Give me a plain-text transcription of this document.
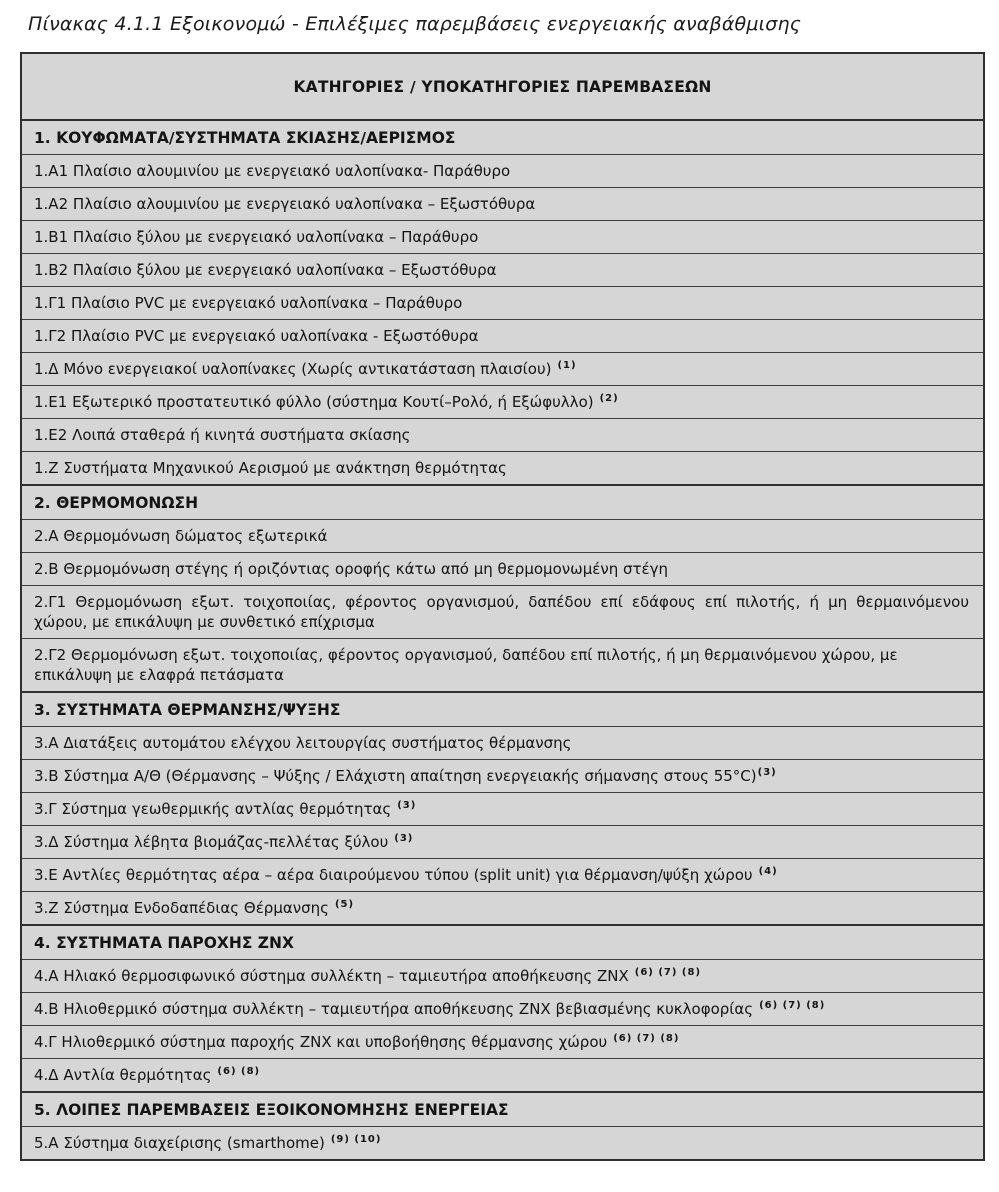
Πίνακας 4.1.1 Εξοικονομώ - Επιλέξιμες παρεμβάσεις ενεργειακής αναβάθμισης
ΚΑΤΗΓΟΡΙΕΣ / ΥΠΟΚΑΤΗΓΟΡΙΕΣ ΠΑΡΕΜΒΑΣΕΩΝ
1. ΚΟΥΦΩΜΑΤΑ/ΣΥΣΤΗΜΑΤΑ ΣΚΙΑΣΗΣ/ΑΕΡΙΣΜΟΣ
1.Α1 Πλαίσιο αλουμινίου με ενεργειακό υαλοπίνακα- Παράθυρο
1.Α2 Πλαίσιο αλουμινίου με ενεργειακό υαλοπίνακα – Εξωστόθυρα
1.Β1 Πλαίσιο ξύλου με ενεργειακό υαλοπίνακα – Παράθυρο
1.Β2 Πλαίσιο ξύλου με ενεργειακό υαλοπίνακα – Εξωστόθυρα
1.Γ1 Πλαίσιο PVC με ενεργειακό υαλοπίνακα – Παράθυρο
1.Γ2 Πλαίσιο PVC με ενεργειακό υαλοπίνακα - Εξωστόθυρα
1.Δ Μόνο ενεργειακοί υαλοπίνακες (Χωρίς αντικατάσταση πλαισίου) $^{(1)}$
1.Ε1 Εξωτερικό προστατευτικό φύλλο (σύστημα Κουτί–Ρολό, ή Εξώφυλλο) $^{(2)}$
1.Ε2 Λοιπά σταθερά ή κινητά συστήματα σκίασης
1.Ζ Συστήματα Μηχανικού Αερισμού με ανάκτηση θερμότητας
2. ΘΕΡΜΟΜΟΝΩΣΗ
2.Α Θερμομόνωση δώματος εξωτερικά
2.Β Θερμομόνωση στέγης ή οριζόντιας οροφής κάτω από μη θερμομονωμένη στέγη
2.Γ1 Θερμομόνωση εξωτ. τοιχοποιίας, φέροντος οργανισμού, δαπέδου επί εδάφους επί πιλοτής, ή μη θερμαινόμενου χώρου, με επικάλυψη με συνθετικό επίχρισμα
2.Γ2 Θερμομόνωση εξωτ. τοιχοποιίας, φέροντος οργανισμού, δαπέδου επί πιλοτής, ή μη θερμαινόμενου χώρου, με επικάλυψη με ελαφρά πετάσματα
3. ΣΥΣΤΗΜΑΤΑ ΘΕΡΜΑΝΣΗΣ/ΨΥΞΗΣ
3.Α Διατάξεις αυτομάτου ελέγχου λειτουργίας συστήματος θέρμανσης
3.Β Σύστημα Α/Θ (Θέρμανσης – Ψύξης / Ελάχιστη απαίτηση ενεργειακής σήμανσης στους 55°C)$^{(3)}$
3.Γ Σύστημα γεωθερμικής αντλίας θερμότητας $^{(3)}$
3.Δ Σύστημα λέβητα βιομάζας-πελλέτας ξύλου $^{(3)}$
3.Ε Αντλίες θερμότητας αέρα – αέρα διαιρούμενου τύπου (split unit) για θέρμανση/ψύξη χώρου $^{(4)}$
3.Ζ Σύστημα Ενδοδαπέδιας Θέρμανσης $^{(5)}$
4. ΣΥΣΤΗΜΑΤΑ ΠΑΡΟΧΗΣ ΖΝΧ
4.Α Ηλιακό θερμοσιφωνικό σύστημα συλλέκτη – ταμιευτήρα αποθήκευσης ΖΝΧ $^{(6) (7) (8)}$
4.Β Ηλιοθερμικό σύστημα συλλέκτη – ταμιευτήρα αποθήκευσης ΖΝΧ βεβιασμένης κυκλοφορίας $^{(6) (7) (8)}$
4.Γ Ηλιοθερμικό σύστημα παροχής ΖΝΧ και υποβοήθησης θέρμανσης χώρου $^{(6) (7) (8)}$
4.Δ Αντλία θερμότητας $^{(6) (8)}$
5. ΛΟΙΠΕΣ ΠΑΡΕΜΒΑΣΕΙΣ ΕΞΟΙΚΟΝΟΜΗΣΗΣ ΕΝΕΡΓΕΙΑΣ
5.Α Σύστημα διαχείρισης (smarthome) $^{(9) (10)}$
